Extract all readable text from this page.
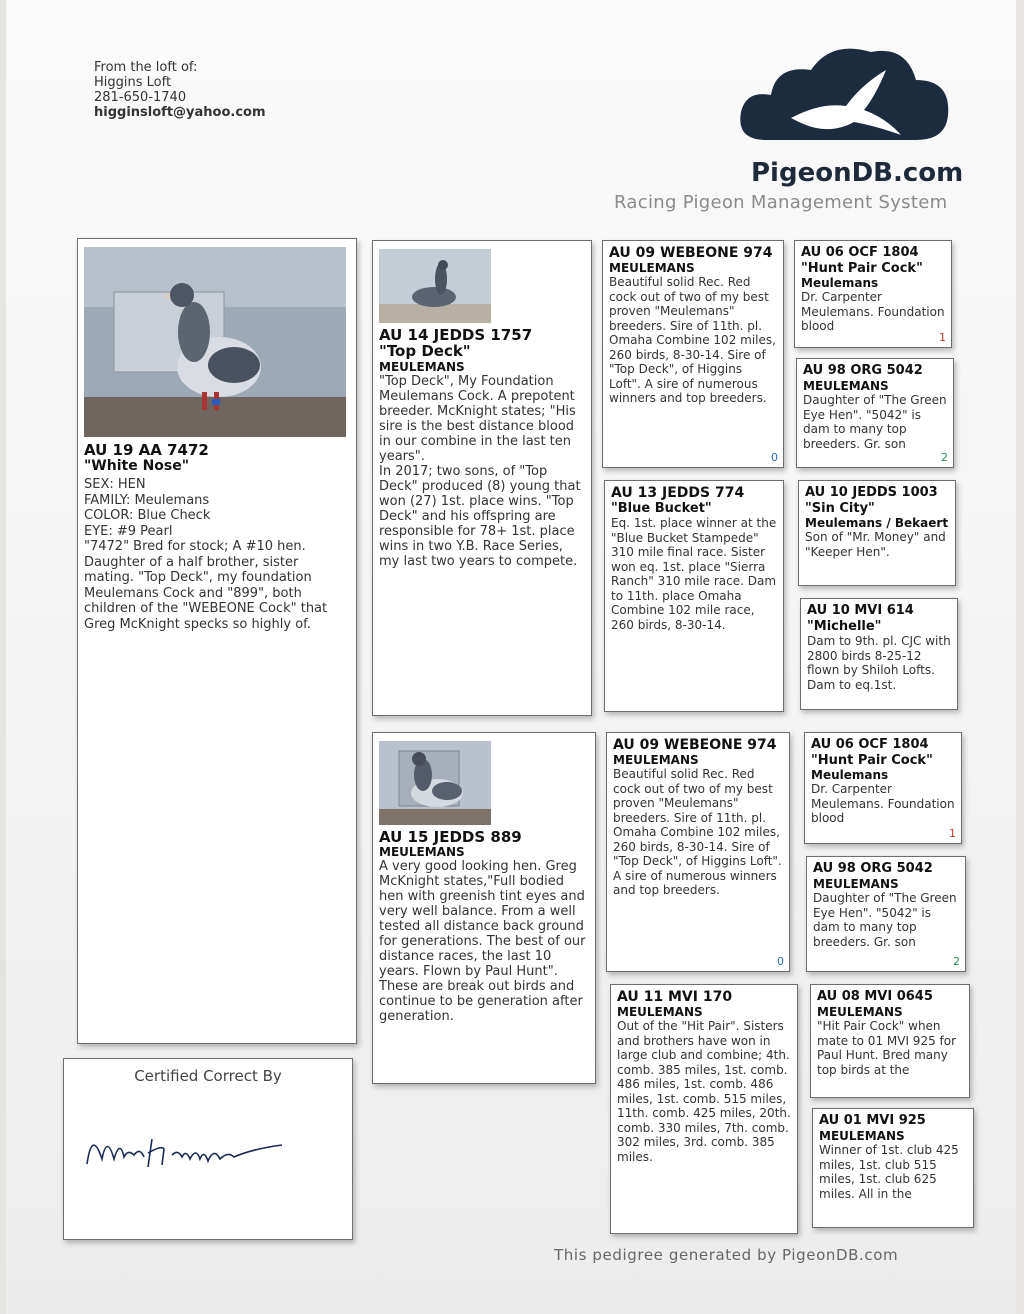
From the loft of:
Higgins Loft
281-650-1740
higginsloft@yahoo.com
PigeonDB.com
Racing Pigeon Management System
AU 19 AA 7472
"White Nose"
SEX: HEN
FAMILY: Meulemans
COLOR: Blue Check
EYE: #9 Pearl
"7472" Bred for stock; A #10 hen. Daughter of a half brother, sister mating. "Top Deck", my foundation Meulemans Cock and "899", both children of the "WEBEONE Cock" that Greg McKnight specks so highly of.
Certified Correct By
AU 14 JEDDS 1757
"Top Deck"
MEULEMANS
"Top Deck", My Foundation Meulemans Cock. A prepotent breeder. McKnight states; "His sire is the best distance blood in our combine in the last ten years".
In 2017; two sons, of "Top Deck" produced (8) young that won (27) 1st. place wins. "Top Deck" and his offspring are responsible for 78+ 1st. place wins in two Y.B. Race Series, my last two years to compete.
AU 15 JEDDS 889
MEULEMANS
A very good looking hen. Greg McKnight states,"Full bodied hen with greenish tint eyes and very well balance. From a well tested all distance back ground for generations. The best of our distance races, the last 10 years. Flown by Paul Hunt". These are break out birds and continue to be generation after generation.
AU 09 WEBEONE 974
MEULEMANS
Beautiful solid Rec. Red cock out of two of my best proven "Meulemans" breeders. Sire of 11th. pl. Omaha Combine 102 miles, 260 birds, 8-30-14. Sire of "Top Deck", of Higgins Loft". A sire of numerous winners and top breeders.
0
AU 13 JEDDS 774
"Blue Bucket"
Eq. 1st. place winner at the "Blue Bucket Stampede" 310 mile final race. Sister won eq. 1st. place "Sierra Ranch" 310 mile race. Dam to 11th. place Omaha Combine 102 mile race, 260 birds, 8-30-14.
AU 09 WEBEONE 974
MEULEMANS
Beautiful solid Rec. Red cock out of two of my best proven "Meulemans" breeders. Sire of 11th. pl. Omaha Combine 102 miles, 260 birds, 8-30-14. Sire of "Top Deck", of Higgins Loft". A sire of numerous winners and top breeders.
0
AU 11 MVI 170
MEULEMANS
Out of the "Hit Pair". Sisters and brothers have won in large club and combine; 4th. comb. 385 miles, 1st. comb. 486 miles, 1st. comb. 486 miles, 1st. comb. 515 miles, 11th. comb. 425 miles, 20th. comb. 330 miles, 7th. comb. 302 miles, 3rd. comb. 385 miles.
AU 06 OCF 1804
"Hunt Pair Cock"
Meulemans
Dr. Carpenter Meulemans. Foundation blood
1
AU 98 ORG 5042
MEULEMANS
Daughter of "The Green Eye Hen". "5042" is dam to many top breeders. Gr. son
2
AU 10 JEDDS 1003
"Sin City"
Meulemans / Bekaert
Son of "Mr. Money" and "Keeper Hen".
AU 10 MVI 614
"Michelle"
Dam to 9th. pl. CJC with 2800 birds 8-25-12 flown by Shiloh Lofts. Dam to eq.1st.
AU 06 OCF 1804
"Hunt Pair Cock"
Meulemans
Dr. Carpenter Meulemans. Foundation blood
1
AU 98 ORG 5042
MEULEMANS
Daughter of "The Green Eye Hen". "5042" is dam to many top breeders. Gr. son
2
AU 08 MVI 0645
MEULEMANS
"Hit Pair Cock" when mate to 01 MVI 925 for Paul Hunt. Bred many top birds at the
AU 01 MVI 925
MEULEMANS
Winner of 1st. club 425 miles, 1st. club 515 miles, 1st. club 625 miles. All in the
This pedigree generated by PigeonDB.com
